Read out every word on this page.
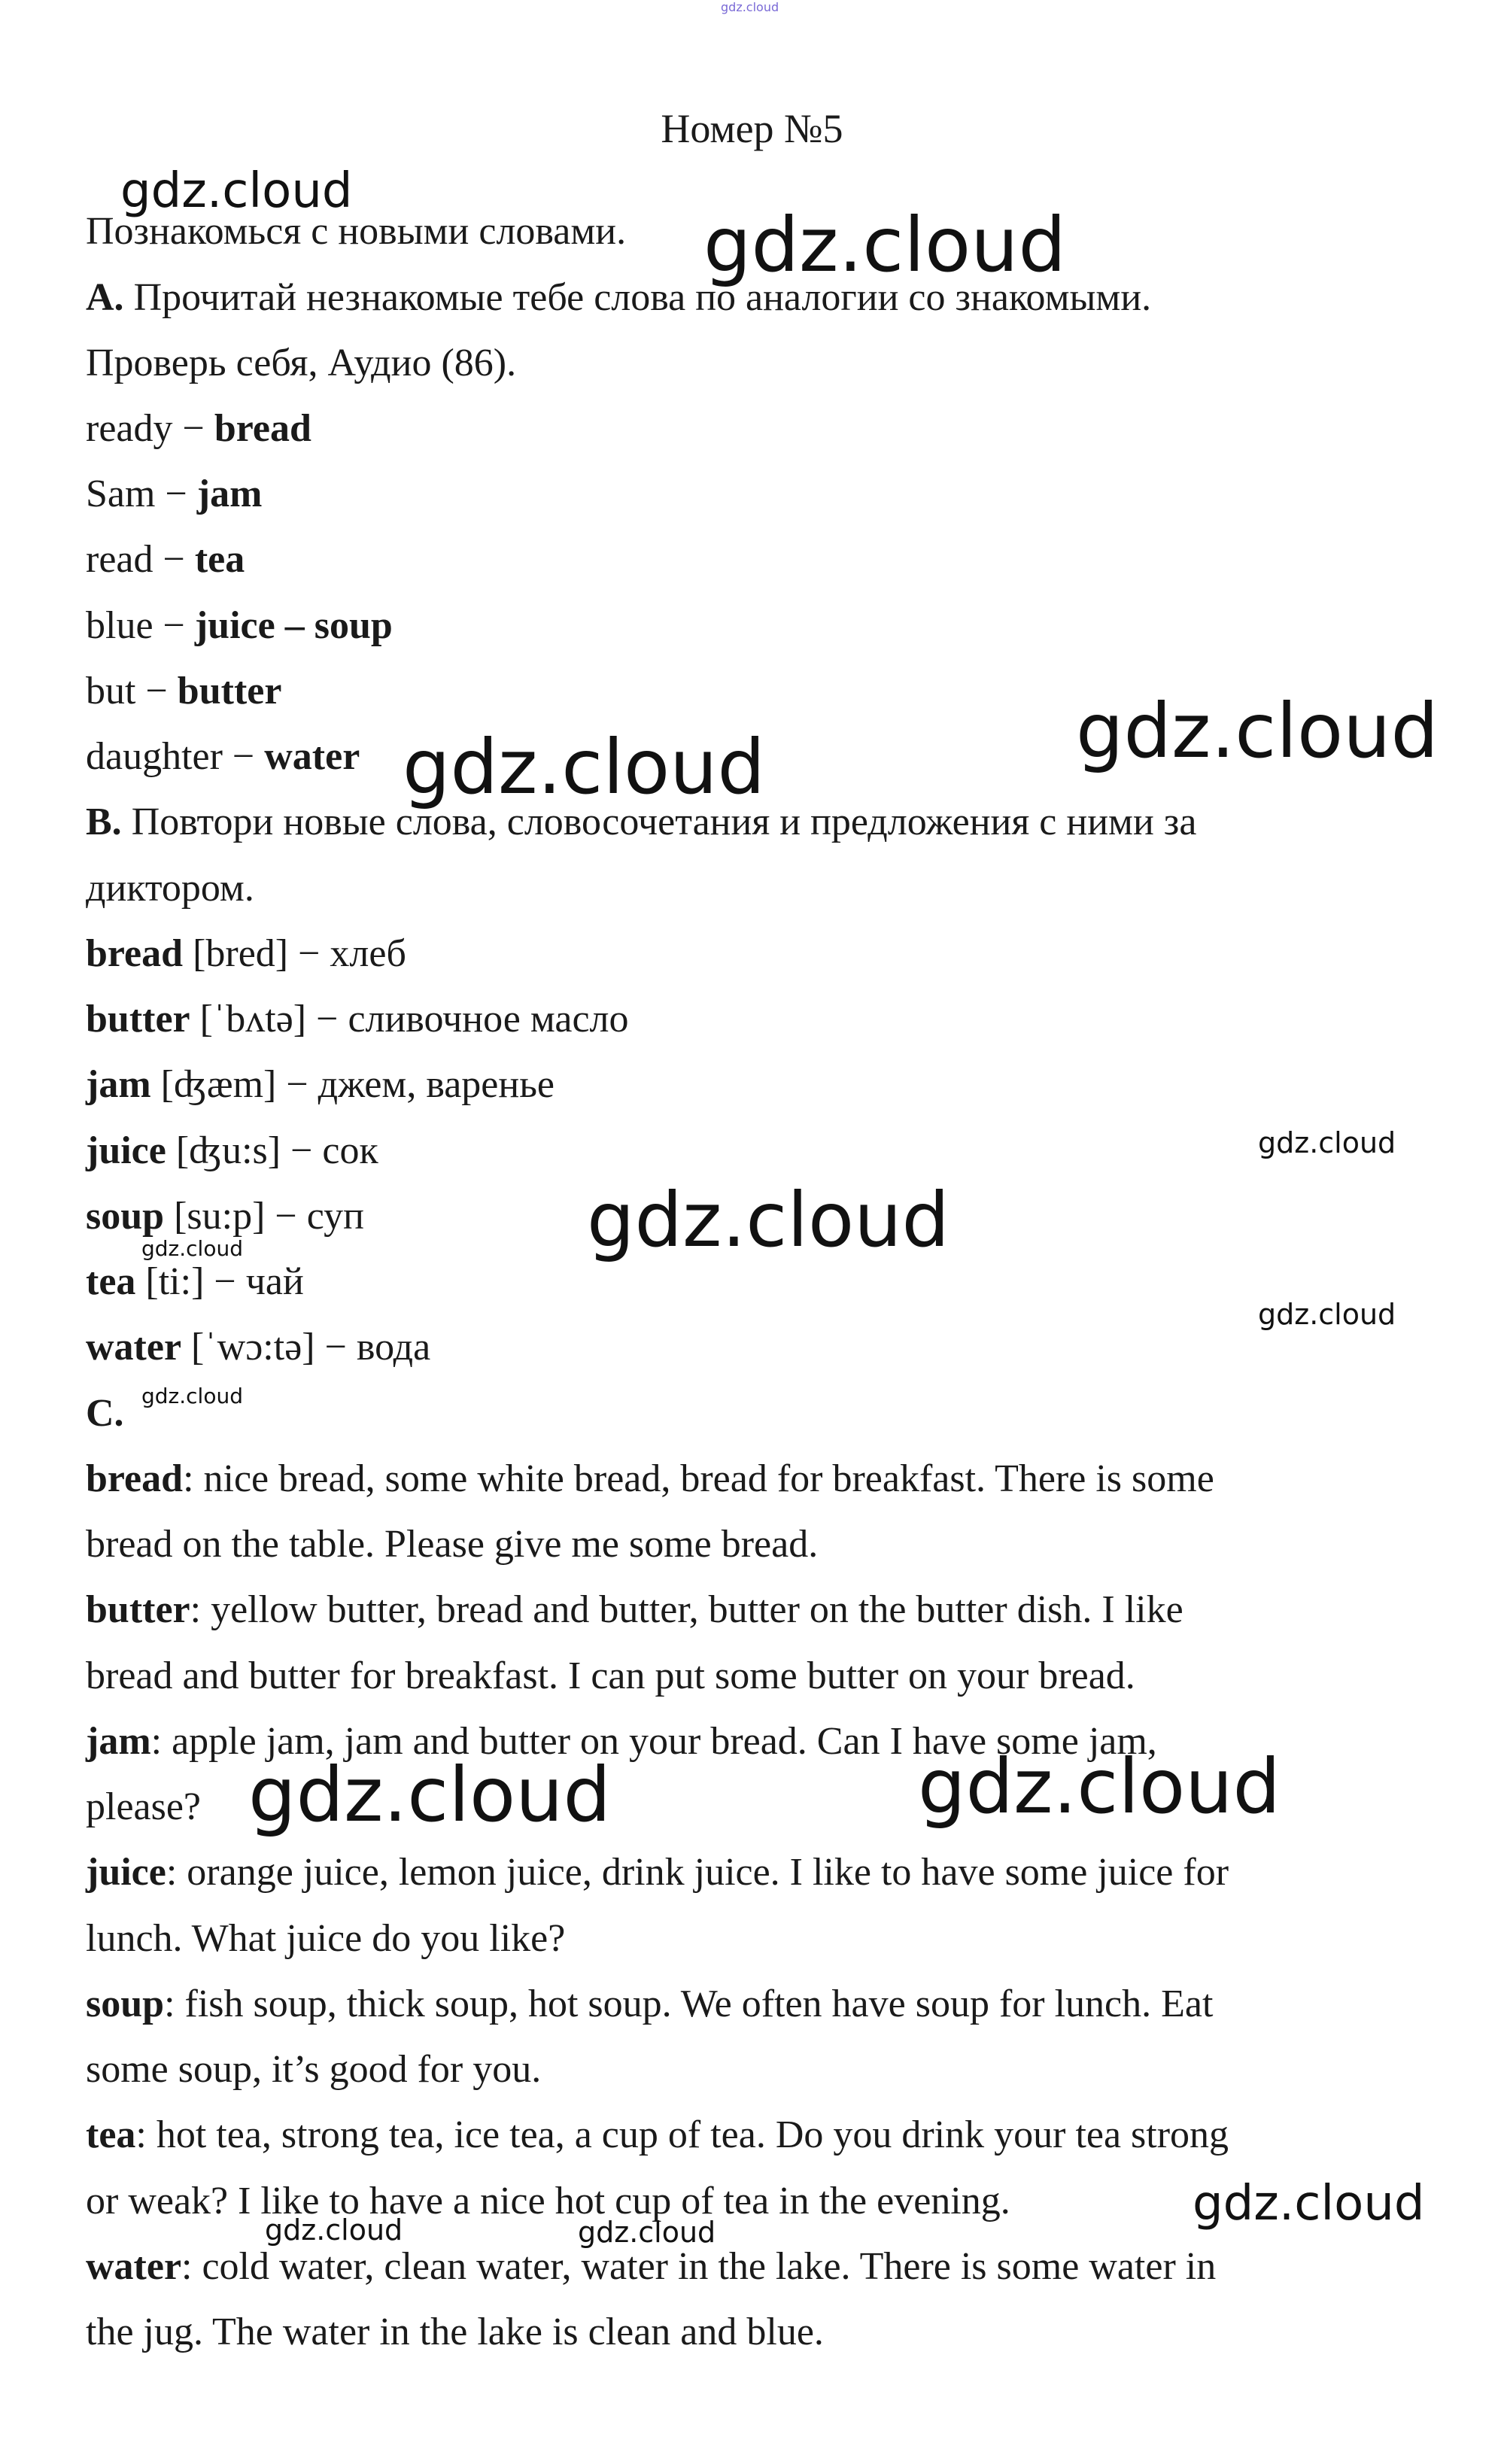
gdz.cloud
Номер №5
Познакомься с новыми словами.
A. Прочитай незнакомые тебе слова по аналогии со знакомыми.
Проверь себя, Аудио (86).
ready − bread
Sam − jam
read − tea
blue − juice – soup
but − butter
daughter − water
B. Повтори новые слова, словосочетания и предложения с ними за
диктором.
bread [bred] − хлеб
butter [ˈbʌtə] − сливочное масло
jam [ʤæm] − джем, варенье
juice [ʤu:s] − сок
soup [su:p] − суп
tea [ti:] − чай
water [ˈwɔ:tə] − вода
C.
bread: nice bread, some white bread, bread for breakfast. There is some
bread on the table. Please give me some bread.
butter: yellow butter, bread and butter, butter on the butter dish. I like
bread and butter for breakfast. I can put some butter on your bread.
jam: apple jam, jam and butter on your bread. Can I have some jam,
please?
juice: orange juice, lemon juice, drink juice. I like to have some juice for
lunch. What juice do you like?
soup: fish soup, thick soup, hot soup. We often have soup for lunch. Eat
some soup, it’s good for you.
tea: hot tea, strong tea, ice tea, a cup of tea. Do you drink your tea strong
or weak? I like to have a nice hot cup of tea in the evening.
water: cold water, clean water, water in the lake. There is some water in
the jug. The water in the lake is clean and blue.
gdz.cloud
gdz.cloud
gdz.cloud
gdz.cloud
gdz.cloud
gdz.cloud
gdz.cloud
gdz.cloud
gdz.cloud
gdz.cloud	gdz.cloud
gdz.cloud
gdz.cloud	gdz.cloud
